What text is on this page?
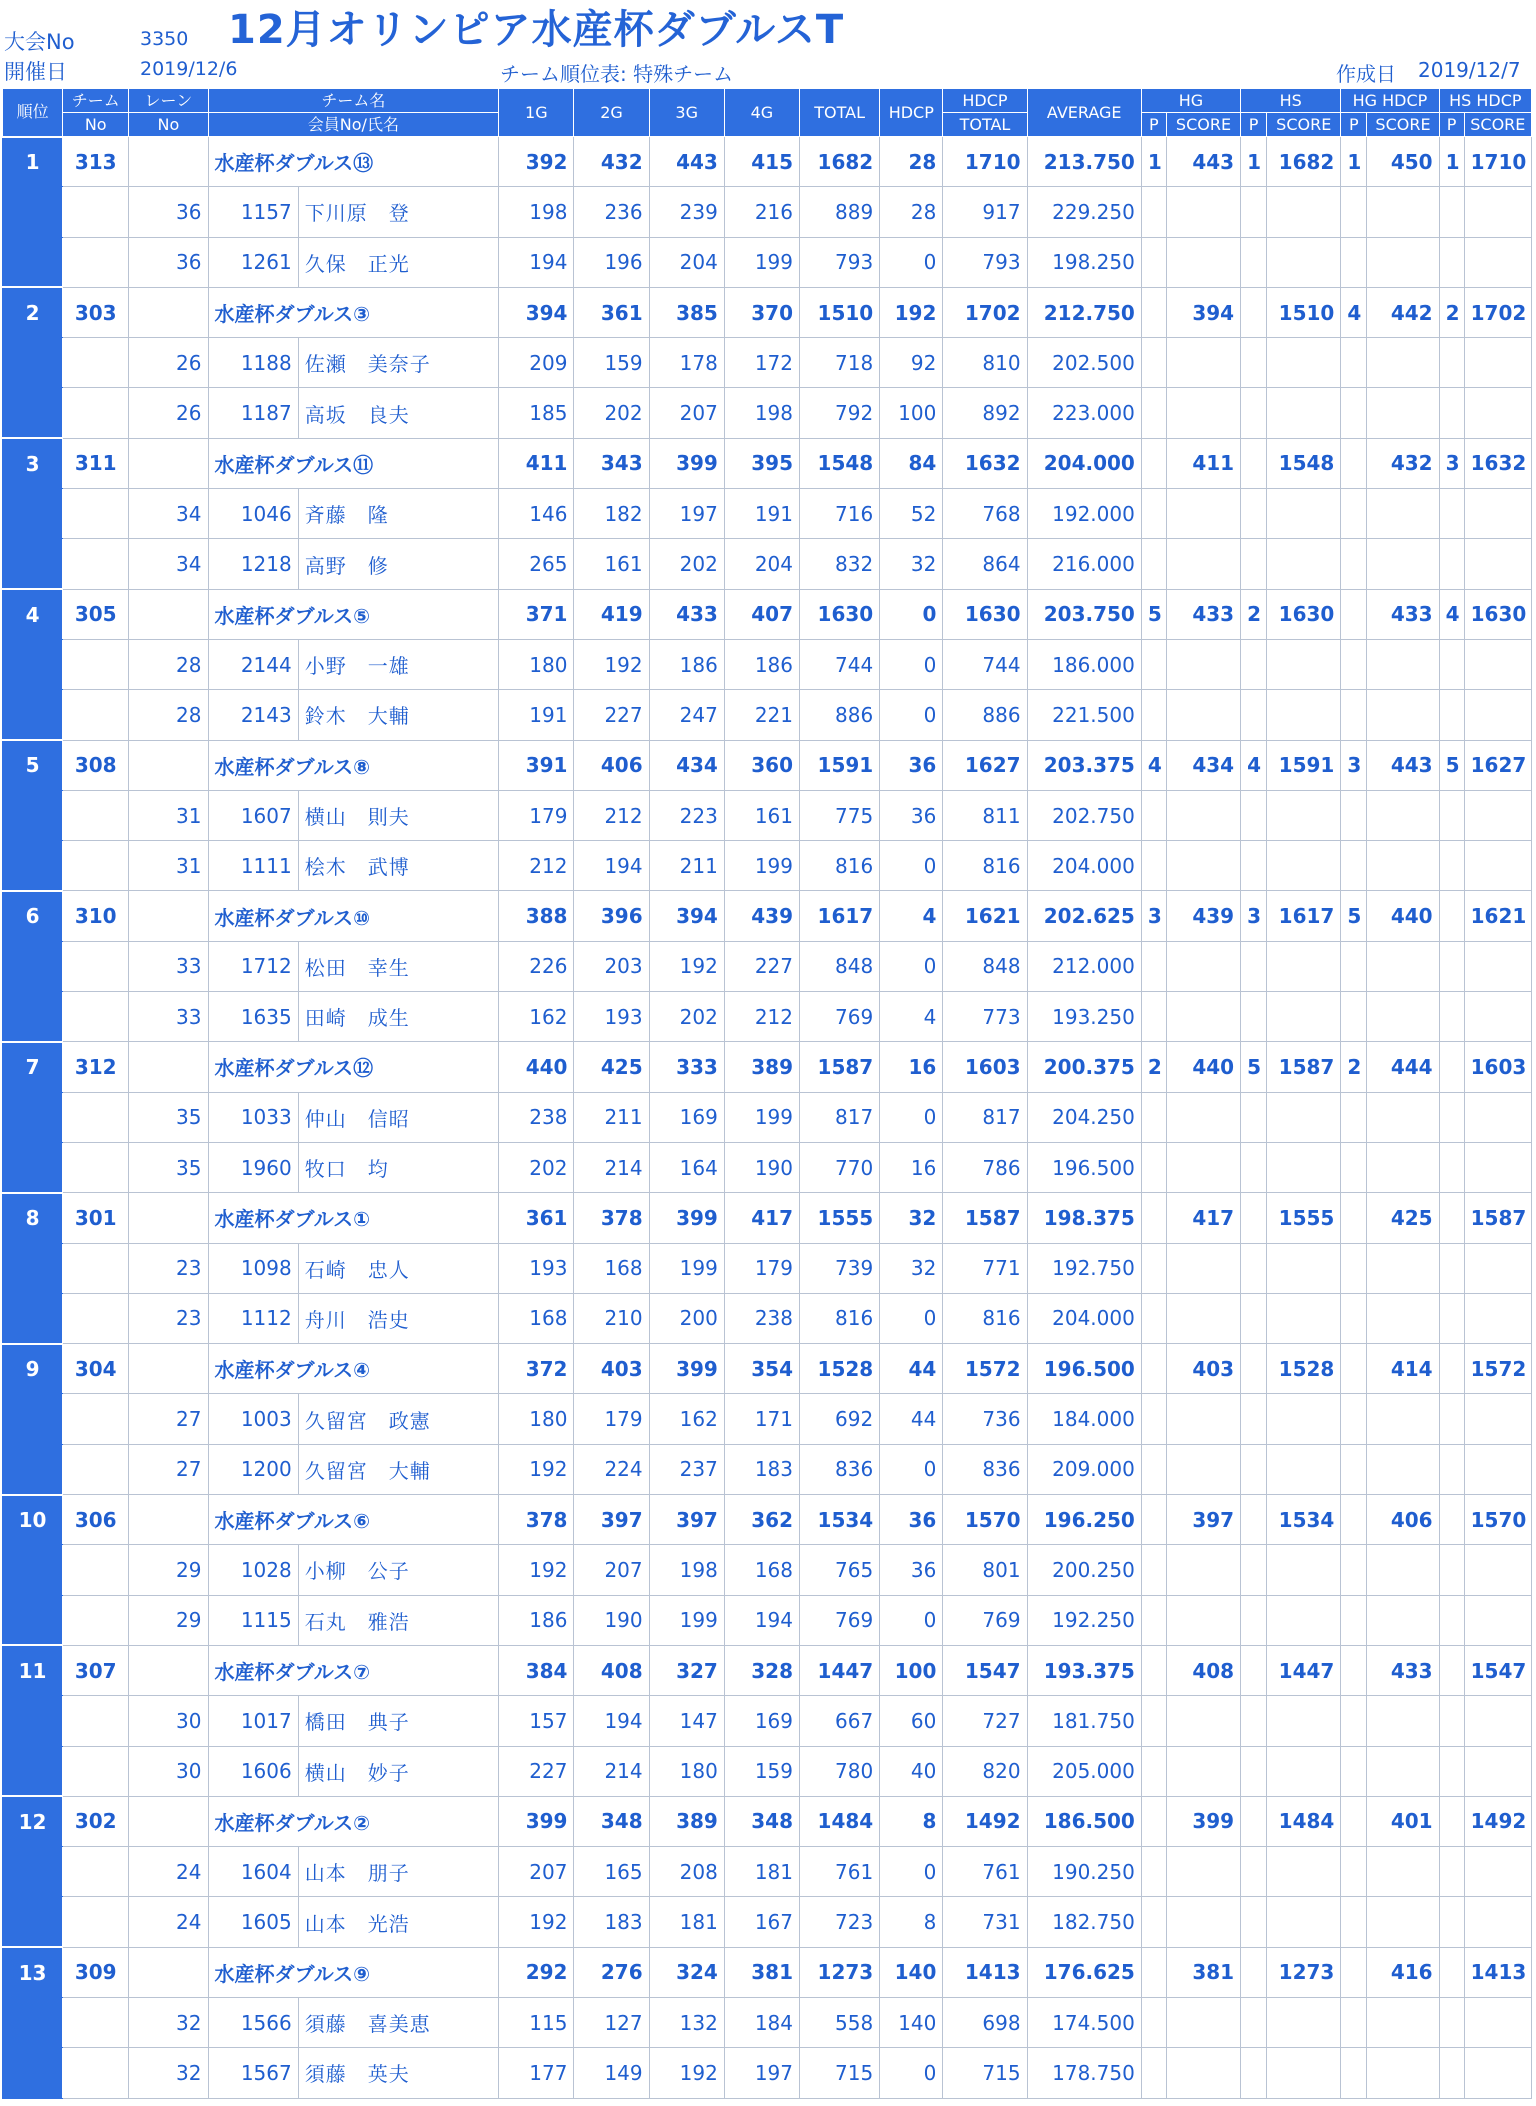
大会No	3350 12月オリンピア水産杯ダブルスT
開催日	2019/12/6	チーム順位表: 特殊チーム	作成日 2019/12/7
順位	チーム	レーン	チーム名		1G	2G	3G	4G	TOTAL	HDCP	HDCP	AVERAGE	HG		HS		HG HDCP		HS HDCP	
	No	No	会員No/氏名								TOTAL		P	SCORE	P	SCORE	P	SCORE	P	SCORE
1	313		水産杯ダブルス⑬		392	432	443	415	1682	28	1710	213.750	1	443	1	1682	1	450	1	1710
		36	1157	下川原　登	198	236	239	216	889	28	917	229.250								
		36	1261	久保　正光	194	196	204	199	793	0	793	198.250								
2	303		水産杯ダブルス③		394	361	385	370	1510	192	1702	212.750		394		1510	4	442	2	1702
		26	1188	佐瀬　美奈子	209	159	178	172	718	92	810	202.500								
		26	1187	高坂　良夫	185	202	207	198	792	100	892	223.000								
3	311		水産杯ダブルス⑪		411	343	399	395	1548	84	1632	204.000		411		1548		432	3	1632
		34	1046	斉藤　隆	146	182	197	191	716	52	768	192.000								
		34	1218	高野　修	265	161	202	204	832	32	864	216.000								
4	305		水産杯ダブルス⑤		371	419	433	407	1630	0	1630	203.750	5	433	2	1630		433	4	1630
		28	2144	小野　一雄	180	192	186	186	744	0	744	186.000								
		28	2143	鈴木　大輔	191	227	247	221	886	0	886	221.500								
5	308		水産杯ダブルス⑧		391	406	434	360	1591	36	1627	203.375	4	434	4	1591	3	443	5	1627
		31	1607	横山　則夫	179	212	223	161	775	36	811	202.750								
		31	1111	桧木　武博	212	194	211	199	816	0	816	204.000								
6	310		水産杯ダブルス⑩		388	396	394	439	1617	4	1621	202.625	3	439	3	1617	5	440		1621
		33	1712	松田　幸生	226	203	192	227	848	0	848	212.000								
		33	1635	田崎　成生	162	193	202	212	769	4	773	193.250								
7	312		水産杯ダブルス⑫		440	425	333	389	1587	16	1603	200.375	2	440	5	1587	2	444		1603
		35	1033	仲山　信昭	238	211	169	199	817	0	817	204.250								
		35	1960	牧口　均	202	214	164	190	770	16	786	196.500								
8	301		水産杯ダブルス①		361	378	399	417	1555	32	1587	198.375		417		1555		425		1587
		23	1098	石崎　忠人	193	168	199	179	739	32	771	192.750								
		23	1112	舟川　浩史	168	210	200	238	816	0	816	204.000								
9	304		水産杯ダブルス④		372	403	399	354	1528	44	1572	196.500		403		1528		414		1572
		27	1003	久留宮　政憲	180	179	162	171	692	44	736	184.000								
		27	1200	久留宮　大輔	192	224	237	183	836	0	836	209.000								
10	306		水産杯ダブルス⑥		378	397	397	362	1534	36	1570	196.250		397		1534		406		1570
		29	1028	小柳　公子	192	207	198	168	765	36	801	200.250								
		29	1115	石丸　雅浩	186	190	199	194	769	0	769	192.250								
11	307		水産杯ダブルス⑦		384	408	327	328	1447	100	1547	193.375		408		1447		433		1547
		30	1017	橋田　典子	157	194	147	169	667	60	727	181.750								
		30	1606	横山　妙子	227	214	180	159	780	40	820	205.000								
12	302		水産杯ダブルス②		399	348	389	348	1484	8	1492	186.500		399		1484		401		1492
		24	1604	山本　朋子	207	165	208	181	761	0	761	190.250								
		24	1605	山本　光浩	192	183	181	167	723	8	731	182.750								
13	309		水産杯ダブルス⑨		292	276	324	381	1273	140	1413	176.625		381		1273		416		1413
		32	1566	須藤　喜美恵	115	127	132	184	558	140	698	174.500								
		32	1567	須藤　英夫	177	149	192	197	715	0	715	178.750								
